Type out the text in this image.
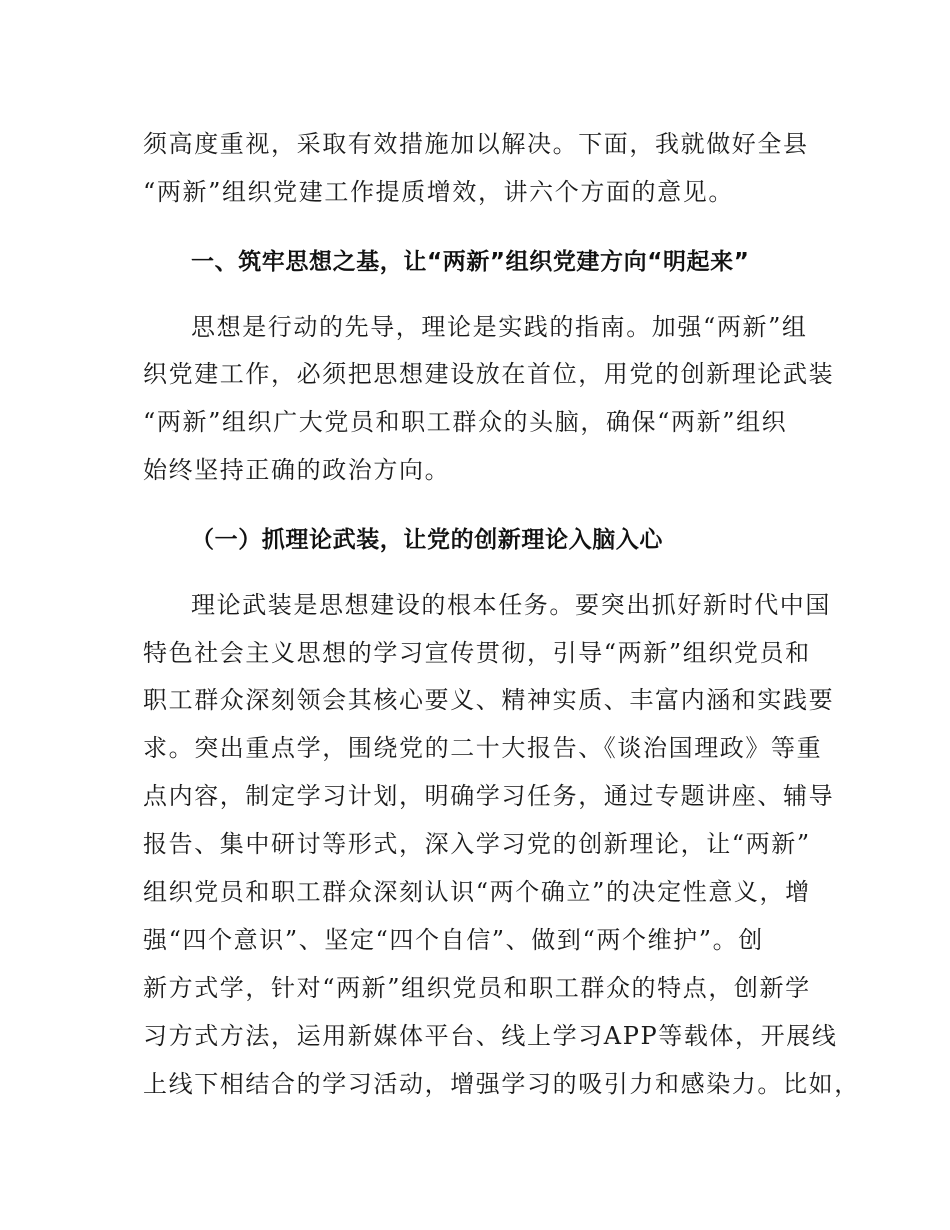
须高度重视，采取有效措施加以解决。下面，我就做好全县
“两新”组织党建工作提质增效，讲六个方面的意见。
一、筑牢思想之基，让“两新”组织党建方向“明起来”
思想是行动的先导，理论是实践的指南。加强“两新”组
织党建工作，必须把思想建设放在首位，用党的创新理论武装
“两新”组织广大党员和职工群众的头脑，确保“两新”组织
始终坚持正确的政治方向。
（一）抓理论武装，让党的创新理论入脑入心
理论武装是思想建设的根本任务。要突出抓好新时代中国
特色社会主义思想的学习宣传贯彻，引导“两新”组织党员和
职工群众深刻领会其核心要义、精神实质、丰富内涵和实践要
求。突出重点学，围绕党的二十大报告、《谈治国理政》等重
点内容，制定学习计划，明确学习任务，通过专题讲座、辅导
报告、集中研讨等形式，深入学习党的创新理论，让“两新”
组织党员和职工群众深刻认识“两个确立”的决定性意义，增
强“四个意识”、坚定“四个自信”、做到“两个维护”。创
新方式学，针对“两新”组织党员和职工群众的特点，创新学
习方式方法，运用新媒体平台、线上学习APP等载体，开展线
上线下相结合的学习活动，增强学习的吸引力和感染力。比如，
